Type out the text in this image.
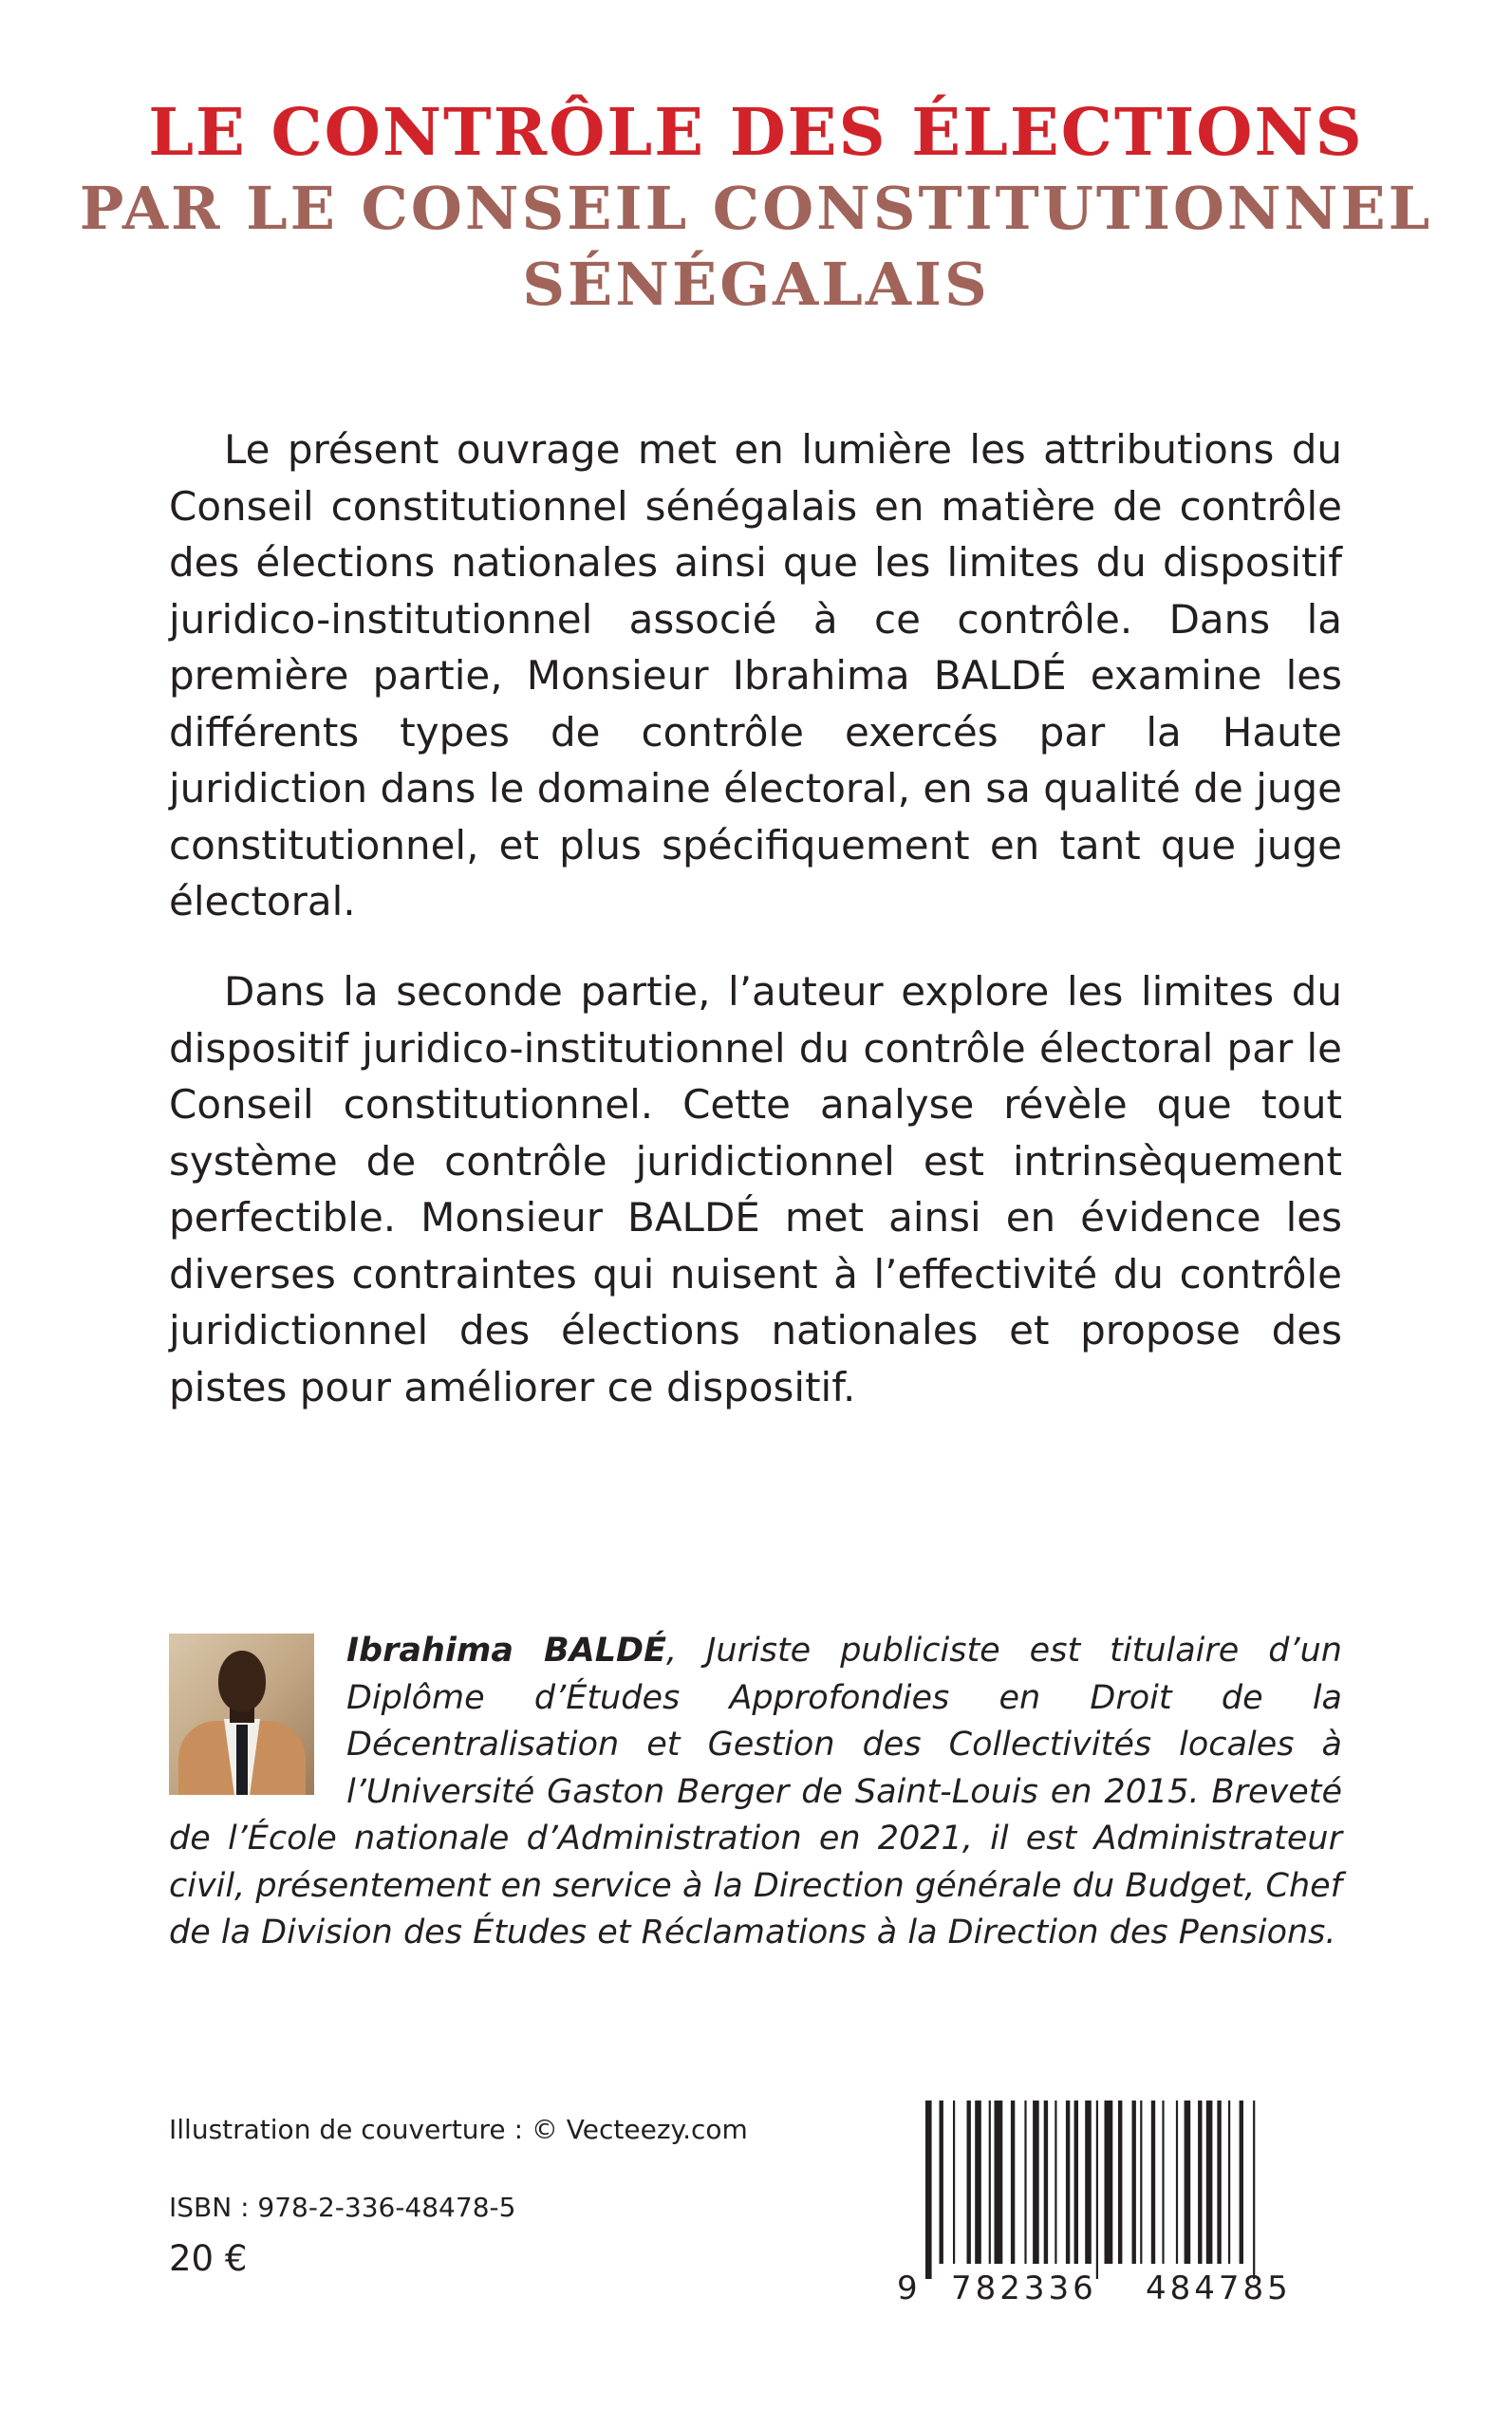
LE CONTRÔLE DES ÉLECTIONS
PAR LE CONSEIL CONSTITUTIONNEL
SÉNÉGALAIS

Le présent ouvrage met en lumière les attributions du Conseil constitutionnel sénégalais en matière de contrôle des élections nationales ainsi que les limites du dispositif juridico-institutionnel associé à ce contrôle. Dans la première partie, Monsieur Ibrahima BALDÉ examine les différents types de contrôle exercés par la Haute juridiction dans le domaine électoral, en sa qualité de juge constitutionnel, et plus spécifiquement en tant que juge électoral.

Dans la seconde partie, l’auteur explore les limites du dispositif juridico-institutionnel du contrôle électoral par le Conseil constitutionnel. Cette analyse révèle que tout système de contrôle juridictionnel est intrinsèquement perfectible. Monsieur BALDÉ met ainsi en évidence les diverses contraintes qui nuisent à l’effectivité du contrôle juridictionnel des élections nationales et propose des pistes pour améliorer ce dispositif.

Ibrahima BALDÉ, Juriste publiciste est titulaire d’un Diplôme d’Études Approfondies en Droit de la Décentralisation et Gestion des Collectivités locales à l’Université Gaston Berger de Saint-Louis en 2015. Breveté de l’École nationale d’Administration en 2021, il est Administrateur civil, présentement en service à la Direction générale du Budget, Chef de la Division des Études et Réclamations à la Direction des Pensions.
Illustration de couverture : © Vecteezy.com
ISBN : 978-2-336-48478-5
20 €
9 782336 484785
